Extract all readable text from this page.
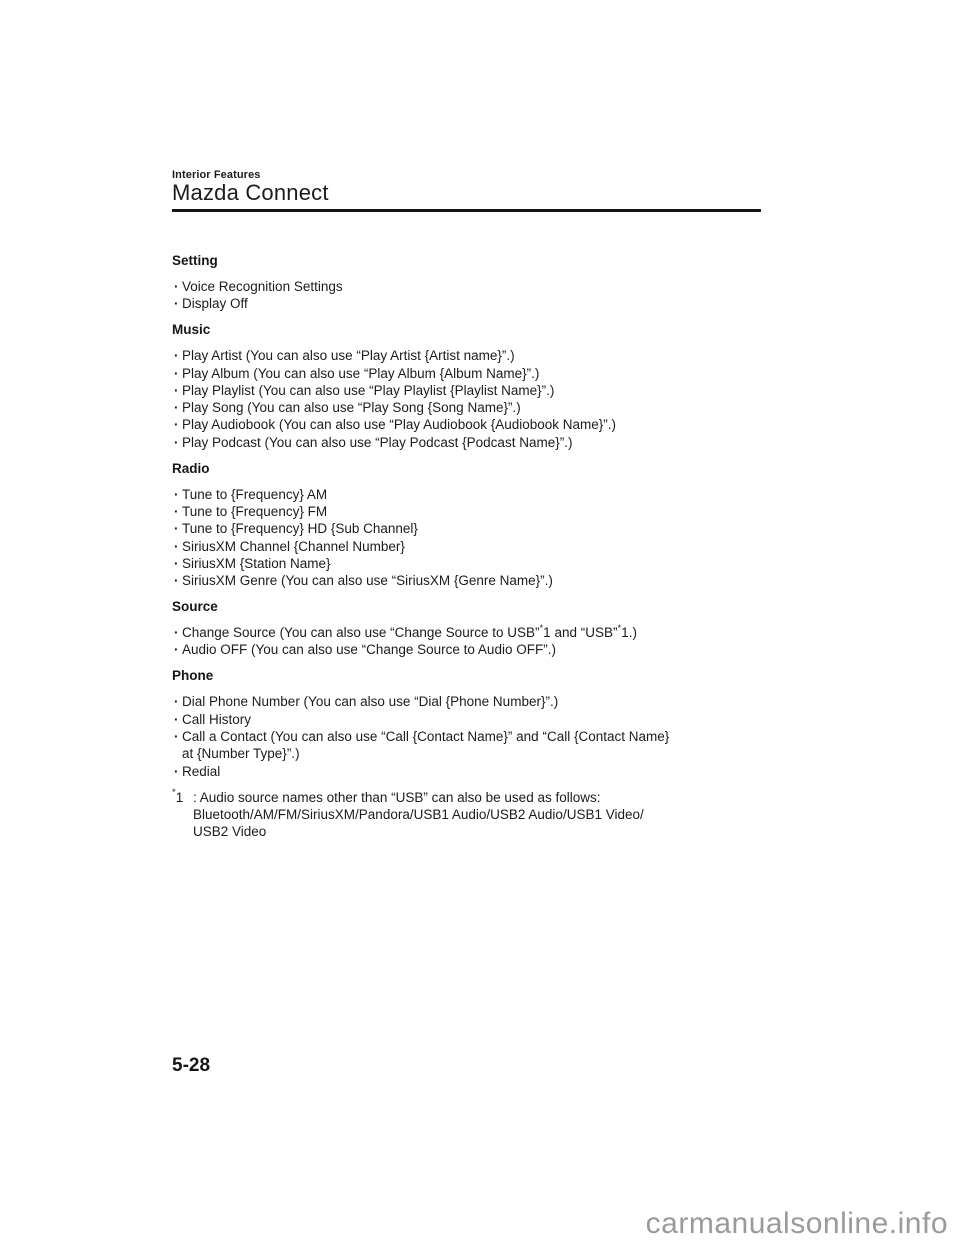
Interior Features
Mazda Connect
Setting
· Voice Recognition Settings
· Display Off
Music
· Play Artist (You can also use “Play Artist {Artist name}”.)
· Play Album (You can also use “Play Album {Album Name}”.)
· Play Playlist (You can also use “Play Playlist {Playlist Name}”.)
· Play Song (You can also use “Play Song {Song Name}”.)
· Play Audiobook (You can also use “Play Audiobook {Audiobook Name}”.)
· Play Podcast (You can also use “Play Podcast {Podcast Name}”.)
Radio
· Tune to {Frequency} AM
· Tune to {Frequency} FM
· Tune to {Frequency} HD {Sub Channel}
· SiriusXM Channel {Channel Number}
· SiriusXM {Station Name}
· SiriusXM Genre (You can also use “SiriusXM {Genre Name}”.)
Source
· Change Source (You can also use “Change Source to USB”*1 and “USB”*1.)
· Audio OFF (You can also use “Change Source to Audio OFF”.)
Phone
· Dial Phone Number (You can also use “Dial {Phone Number}”.)
· Call History
· Call a Contact (You can also use “Call {Contact Name}” and “Call {Contact Name}
at {Number Type}”.)
· Redial
*1 : Audio source names other than “USB” can also be used as follows:
Bluetooth/AM/FM/SiriusXM/Pandora/USB1 Audio/USB2 Audio/USB1 Video/
USB2 Video
5-28
carmanualsonline.info
